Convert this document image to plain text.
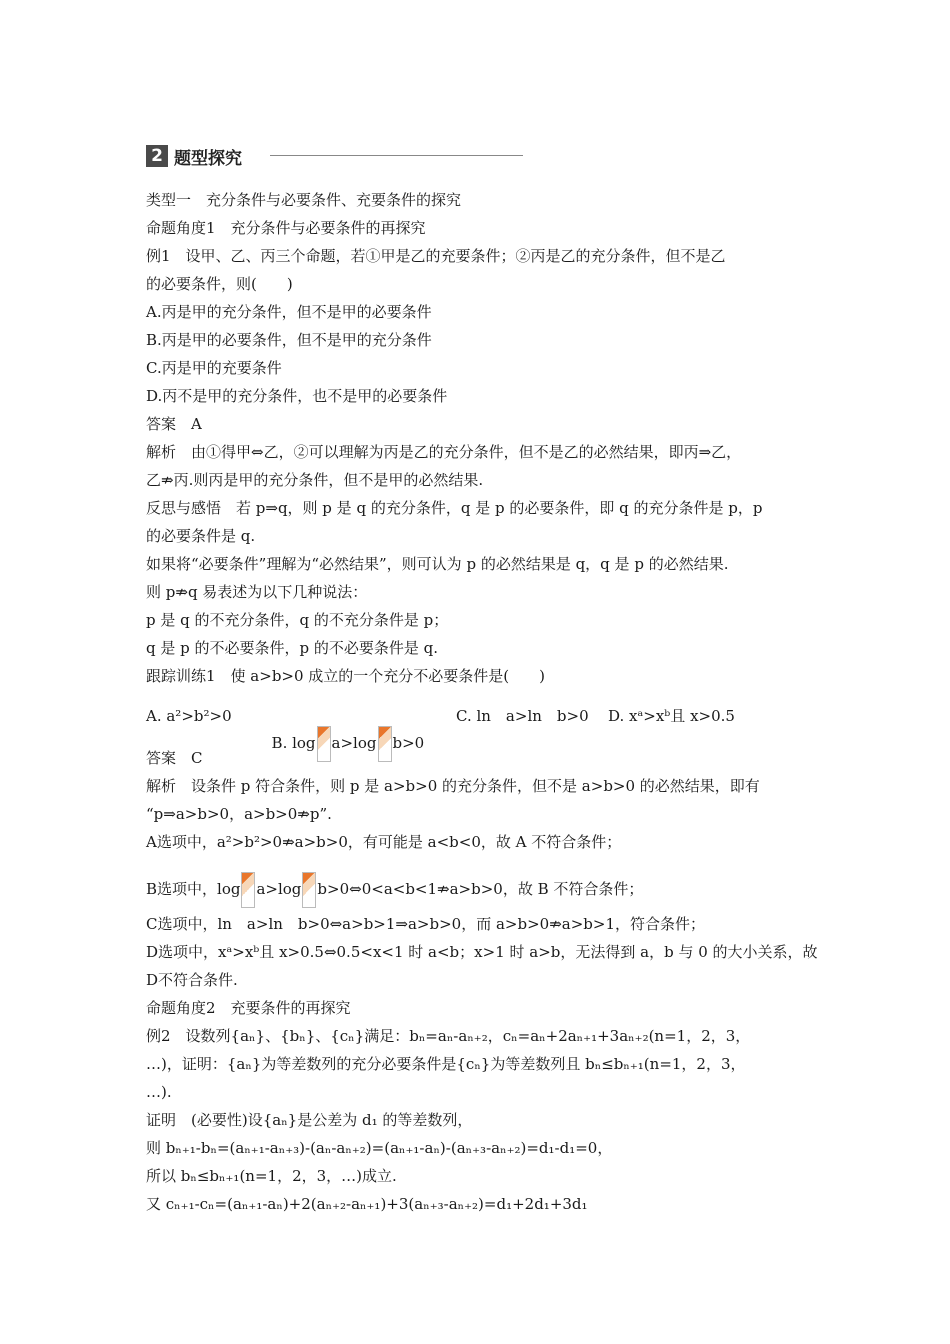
2 题型探究
类型一　充分条件与必要条件、充要条件的探究
命题角度1　充分条件与必要条件的再探究
例1　设甲、乙、丙三个命题，若①甲是乙的充要条件；②丙是乙的充分条件，但不是乙
的必要条件，则(　　)
A.丙是甲的充分条件，但不是甲的必要条件
B.丙是甲的必要条件，但不是甲的充分条件
C.丙是甲的充要条件
D.丙不是甲的充分条件，也不是甲的必要条件
答案　A
解析　由①得甲⇔乙，②可以理解为丙是乙的充分条件，但不是乙的必然结果，即丙⇒乙，
乙⇏丙.则丙是甲的充分条件，但不是甲的必然结果.
反思与感悟　若 p⇒q，则 p 是 q 的充分条件，q 是 p 的必要条件，即 q 的充分条件是 p，p
的必要条件是 q.
如果将“必要条件”理解为“必然结果”，则可认为 p 的必然结果是 q，q 是 p 的必然结果.
则 p⇏q 易表述为以下几种说法：
p 是 q 的不充分条件，q 的不充分条件是 p；
q 是 p 的不必要条件，p 的不必要条件是 q.
跟踪训练1　使 a>b>0 成立的一个充分不必要条件是(　　)
A. a²>b²>0

B. log a>log b>0

C. ln　a>ln　b>0 D. xᵃ>xᵇ且 x>0.5
答案　C
解析　设条件 p 符合条件，则 p 是 a>b>0 的充分条件，但不是 a>b>0 的必然结果，即有
“p⇒a>b>0，a>b>0⇏p”.
A选项中，a²>b²>0⇏a>b>0，有可能是 a<b<0，故 A 不符合条件；
B选项中，log a>log b>0⇔0<a<b<1⇏a>b>0，故 B 不符合条件；
C选项中，ln　a>ln　b>0⇔a>b>1⇒a>b>0，而 a>b>0⇏a>b>1，符合条件；
D选项中，xᵃ>xᵇ且 x>0.5⇔0.5<x<1 时 a<b；x>1 时 a>b，无法得到 a，b 与 0 的大小关系，故
D不符合条件.
命题角度2　充要条件的再探究
例2　设数列{aₙ}、{bₙ}、{cₙ}满足：bₙ=aₙ-aₙ₊₂，cₙ=aₙ+2aₙ₊₁+3aₙ₊₂(n=1，2，3，
…)，证明：{aₙ}为等差数列的充分必要条件是{cₙ}为等差数列且 bₙ≤bₙ₊₁(n=1，2，3，
…).
证明　(必要性)设{aₙ}是公差为 d₁ 的等差数列，
则 bₙ₊₁-bₙ=(aₙ₊₁-aₙ₊₃)-(aₙ-aₙ₊₂)=(aₙ₊₁-aₙ)-(aₙ₊₃-aₙ₊₂)=d₁-d₁=0，
所以 bₙ≤bₙ₊₁(n=1，2，3，…)成立.
又 cₙ₊₁-cₙ=(aₙ₊₁-aₙ)+2(aₙ₊₂-aₙ₊₁)+3(aₙ₊₃-aₙ₊₂)=d₁+2d₁+3d₁
